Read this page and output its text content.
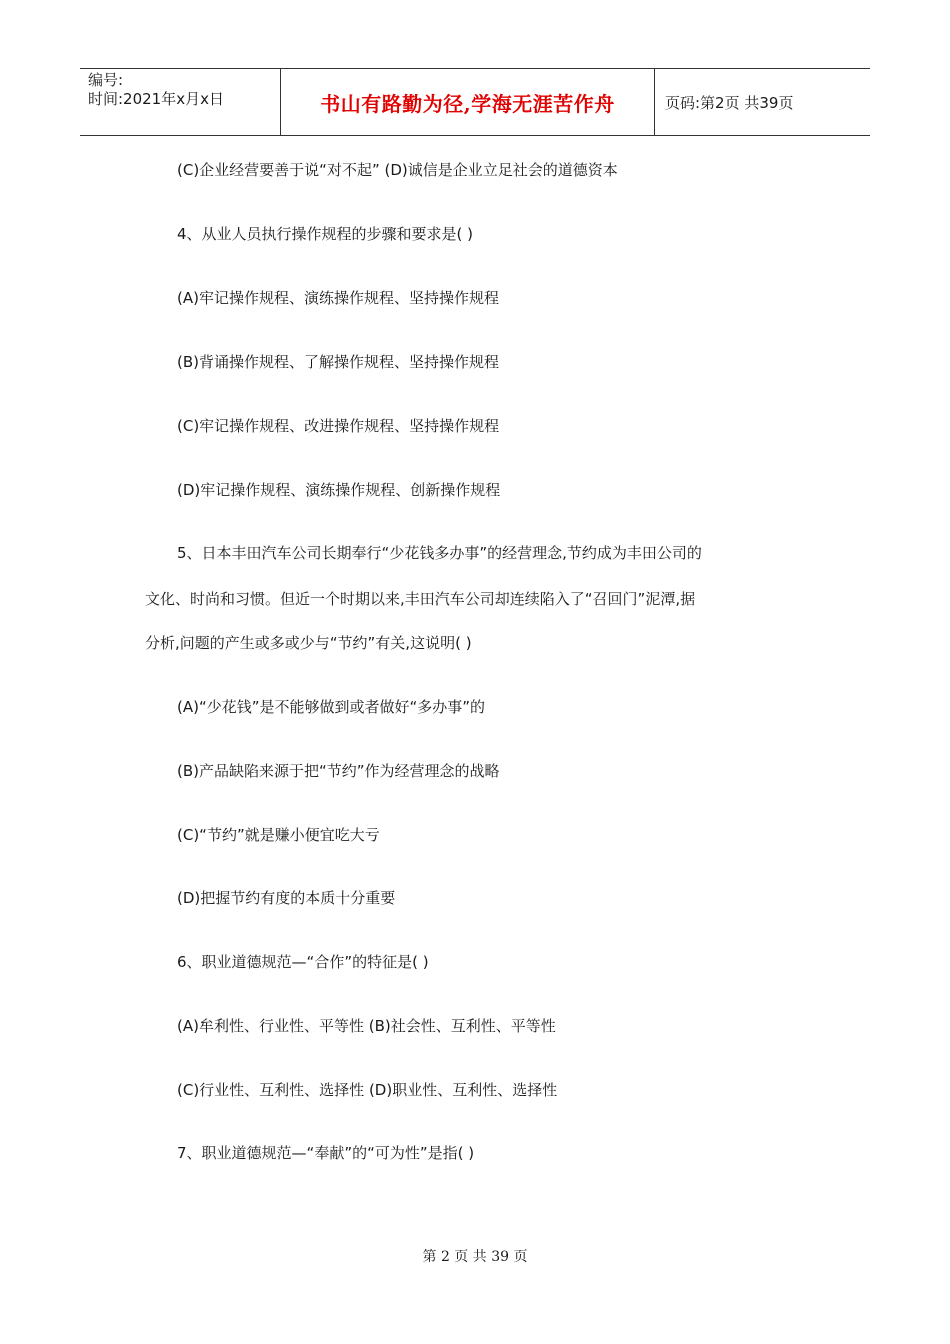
编号:
时间:2021年x月x日	书山有路勤为径,学海无涯苦作舟	页码:第2页 共39页
(C)企业经营要善于说“对不起” (D)诚信是企业立足社会的道德资本
4、从业人员执行操作规程的步骤和要求是( )
(A)牢记操作规程、演练操作规程、坚持操作规程
(B)背诵操作规程、了解操作规程、坚持操作规程
(C)牢记操作规程、改进操作规程、坚持操作规程
(D)牢记操作规程、演练操作规程、创新操作规程
5、日本丰田汽车公司长期奉行“少花钱多办事”的经营理念,节约成为丰田公司的
文化、时尚和习惯。但近一个时期以来,丰田汽车公司却连续陷入了“召回门”泥潭,据
分析,问题的产生或多或少与“节约”有关,这说明( )
(A)“少花钱”是不能够做到或者做好“多办事”的
(B)产品缺陷来源于把“节约”作为经营理念的战略
(C)“节约”就是赚小便宜吃大亏
(D)把握节约有度的本质十分重要
6、职业道德规范—“合作”的特征是( )
(A)牟利性、行业性、平等性 (B)社会性、互利性、平等性
(C)行业性、互利性、选择性 (D)职业性、互利性、选择性
7、职业道德规范—“奉献”的“可为性”是指( )
第 2 页 共 39 页
